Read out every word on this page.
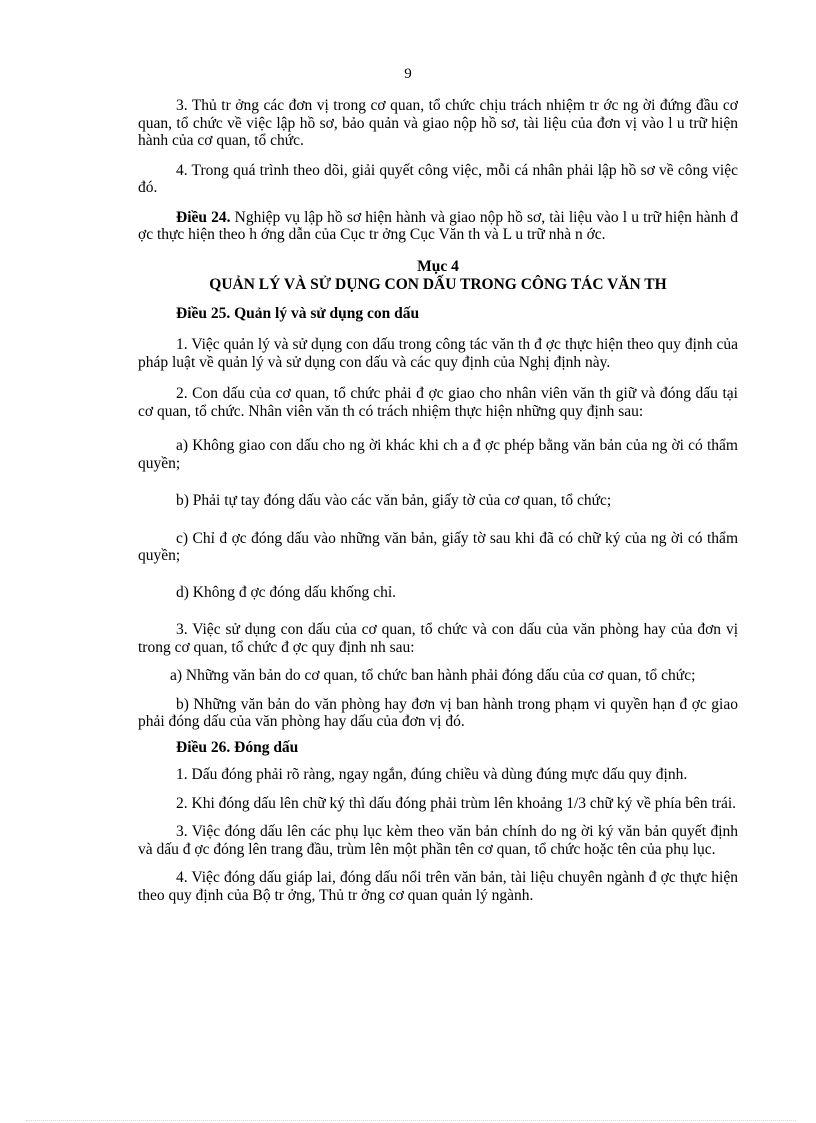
9

3. Thủ tr ởng các đơn vị trong cơ quan, tổ chức chịu trách nhiệm tr ớc ng ời đứng đầu cơ quan, tổ chức về việc lập hồ sơ, bảo quản và giao nộp hồ sơ, tài liệu của đơn vị vào l u trữ hiện hành của cơ quan, tổ chức.

4. Trong quá trình theo dõi, giải quyết công việc, mỗi cá nhân phải lập hồ sơ về công việc đó.

Điều 24. Nghiệp vụ lập hồ sơ hiện hành và giao nộp hồ sơ, tài liệu vào l u trữ hiện hành đ ợc thực hiện theo h ớng dẫn của Cục tr ởng Cục Văn th và L u trữ nhà n ớc.

Mục 4

QUẢN LÝ VÀ SỬ DỤNG CON DẤU TRONG CÔNG TÁC VĂN TH

Điều 25. Quản lý và sử dụng con dấu

1. Việc quản lý và sử dụng con dấu trong công tác văn th đ ợc thực hiện theo quy định của pháp luật về quản lý và sử dụng con dấu và các quy định của Nghị định này.

2. Con dấu của cơ quan, tổ chức phải đ ợc giao cho nhân viên văn th giữ và đóng dấu tại cơ quan, tổ chức. Nhân viên văn th có trách nhiệm thực hiện những quy định sau:

a) Không giao con dấu cho ng ời khác khi ch a đ ợc phép bằng văn bản của ng ời có thẩm quyền;

b) Phải tự tay đóng dấu vào các văn bản, giấy tờ của cơ quan, tổ chức;

c) Chỉ đ ợc đóng dấu vào những văn bản, giấy tờ sau khi đã có chữ ký của ng ời có thẩm quyền;

d) Không đ ợc đóng dấu khống chỉ.

3. Việc sử dụng con dấu của cơ quan, tổ chức và con dấu của văn phòng hay của đơn vị trong cơ quan, tổ chức đ ợc quy định nh sau:

a) Những văn bản do cơ quan, tổ chức ban hành phải đóng dấu của cơ quan, tổ chức;

b) Những văn bản do văn phòng hay đơn vị ban hành trong phạm vi quyền hạn đ ợc giao phải đóng dấu của văn phòng hay dấu của đơn vị đó.

Điều 26. Đóng dấu

1. Dấu đóng phải rõ ràng, ngay ngắn, đúng chiều và dùng đúng mực dấu quy định.

2. Khi đóng dấu lên chữ ký thì dấu đóng phải trùm lên khoảng 1/3 chữ ký về phía bên trái.

3. Việc đóng dấu lên các phụ lục kèm theo văn bản chính do ng ời ký văn bản quyết định và dấu đ ợc đóng lên trang đầu, trùm lên một phần tên cơ quan, tổ chức hoặc tên của phụ lục.

4. Việc đóng dấu giáp lai, đóng dấu nổi trên văn bản, tài liệu chuyên ngành đ ợc thực hiện theo quy định của Bộ tr ởng, Thủ tr ởng cơ quan quản lý ngành.
